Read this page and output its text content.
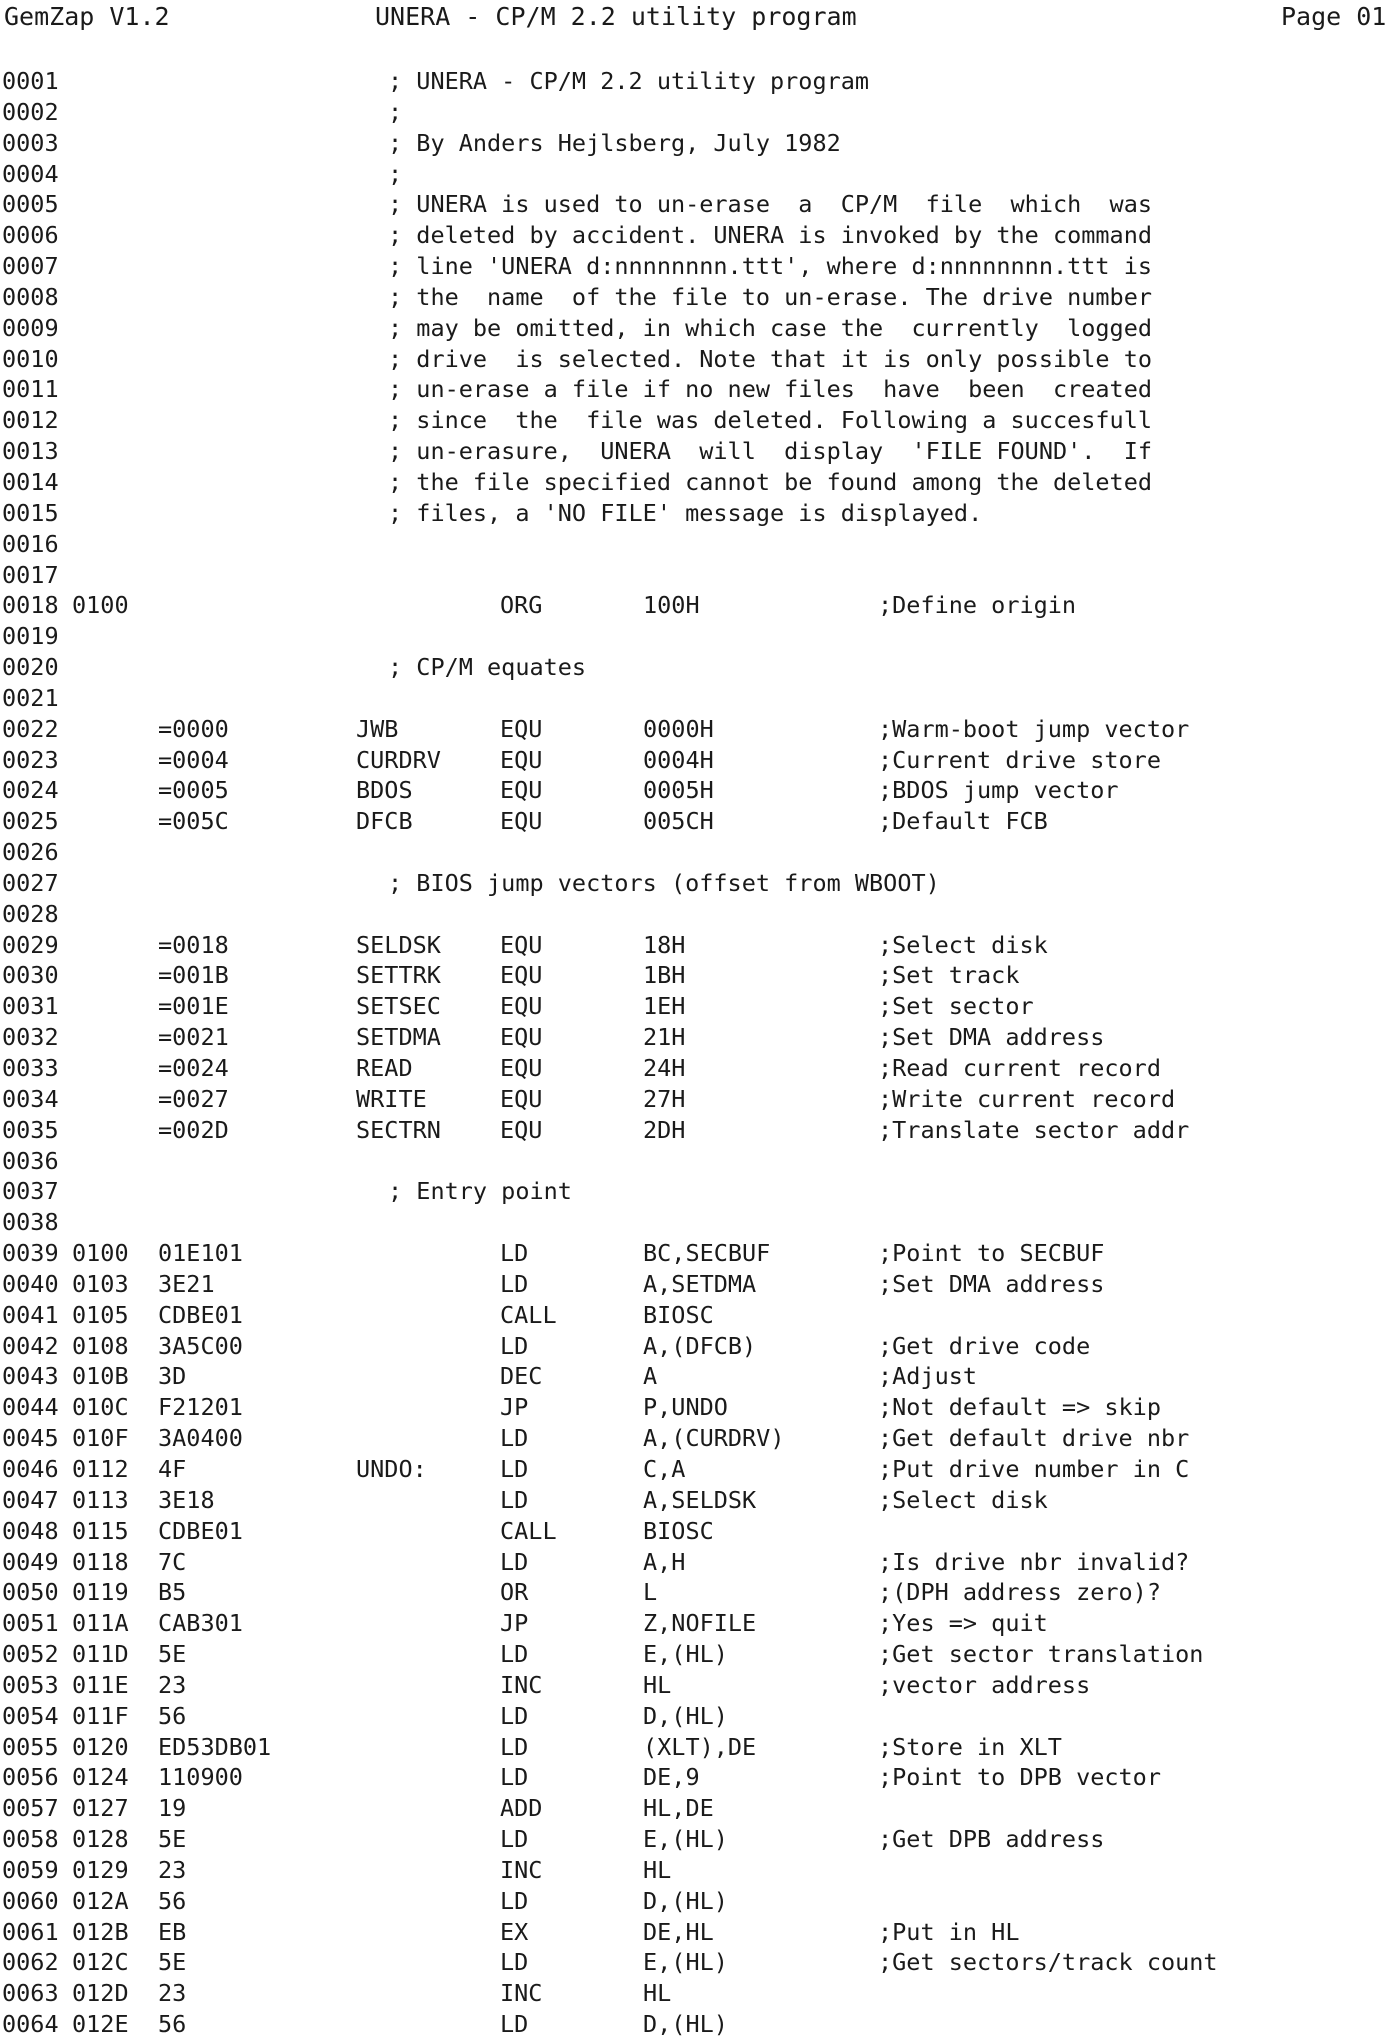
GemZap V1.2	UNERA - CP/M 2.2 utility program	Page 01
0001	; UNERA - CP/M 2.2 utility program
0002	;
0003	; By Anders Hejlsberg, July 1982
0004	;
0005	; UNERA is used to un-erase  a  CP/M  file  which  was
0006	; deleted by accident. UNERA is invoked by the command
0007	; line 'UNERA d:nnnnnnnn.ttt', where d:nnnnnnnn.ttt is
0008	; the  name  of the file to un-erase. The drive number
0009	; may be omitted, in which case the  currently  logged
0010	; drive  is selected. Note that it is only possible to
0011	; un-erase a file if no new files  have  been  created
0012	; since  the  file was deleted. Following a succesfull
0013	; un-erasure,  UNERA  will  display  'FILE FOUND'.  If
0014	; the file specified cannot be found among the deleted
0015	; files, a 'NO FILE' message is displayed.
0016
0017
0018 0100	ORG	100H	;Define origin
0019
0020	; CP/M equates
0021
0022	=0000	JWB	EQU	0000H	;Warm-boot jump vector
0023	=0004	CURDRV	EQU	0004H	;Current drive store
0024	=0005	BDOS	EQU	0005H	;BDOS jump vector
0025	=005C	DFCB	EQU	005CH	;Default FCB
0026
0027	; BIOS jump vectors (offset from WBOOT)
0028
0029	=0018	SELDSK	EQU	18H	;Select disk
0030	=001B	SETTRK	EQU	1BH	;Set track
0031	=001E	SETSEC	EQU	1EH	;Set sector
0032	=0021	SETDMA	EQU	21H	;Set DMA address
0033	=0024	READ	EQU	24H	;Read current record
0034	=0027	WRITE	EQU	27H	;Write current record
0035	=002D	SECTRN	EQU	2DH	;Translate sector addr
0036
0037	; Entry point
0038
0039 0100 01E101	LD	BC,SECBUF	;Point to SECBUF
0040 0103 3E21	LD	A,SETDMA	;Set DMA address
0041 0105 CDBE01	CALL	BIOSC
0042 0108 3A5C00	LD	A,(DFCB)	;Get drive code
0043 010B 3D	DEC	A	;Adjust
0044 010C F21201	JP	P,UNDO	;Not default => skip
0045 010F 3A0400	LD	A,(CURDRV)	;Get default drive nbr
0046 0112 4F	UNDO:	LD	C,A	;Put drive number in C
0047 0113 3E18	LD	A,SELDSK	;Select disk
0048 0115 CDBE01	CALL	BIOSC
0049 0118 7C	LD	A,H	;Is drive nbr invalid?
0050 0119 B5	OR	L	;(DPH address zero)?
0051 011A CAB301	JP	Z,NOFILE	;Yes => quit
0052 011D 5E	LD	E,(HL)	;Get sector translation
0053 011E 23	INC	HL	;vector address
0054 011F 56	LD	D,(HL)
0055 0120 ED53DB01	LD	(XLT),DE	;Store in XLT
0056 0124 110900	LD	DE,9	;Point to DPB vector
0057 0127 19	ADD	HL,DE
0058 0128 5E	LD	E,(HL)	;Get DPB address
0059 0129 23	INC	HL
0060 012A 56	LD	D,(HL)
0061 012B EB	EX	DE,HL	;Put in HL
0062 012C 5E	LD	E,(HL)	;Get sectors/track count
0063 012D 23	INC	HL
0064 012E 56	LD	D,(HL)
